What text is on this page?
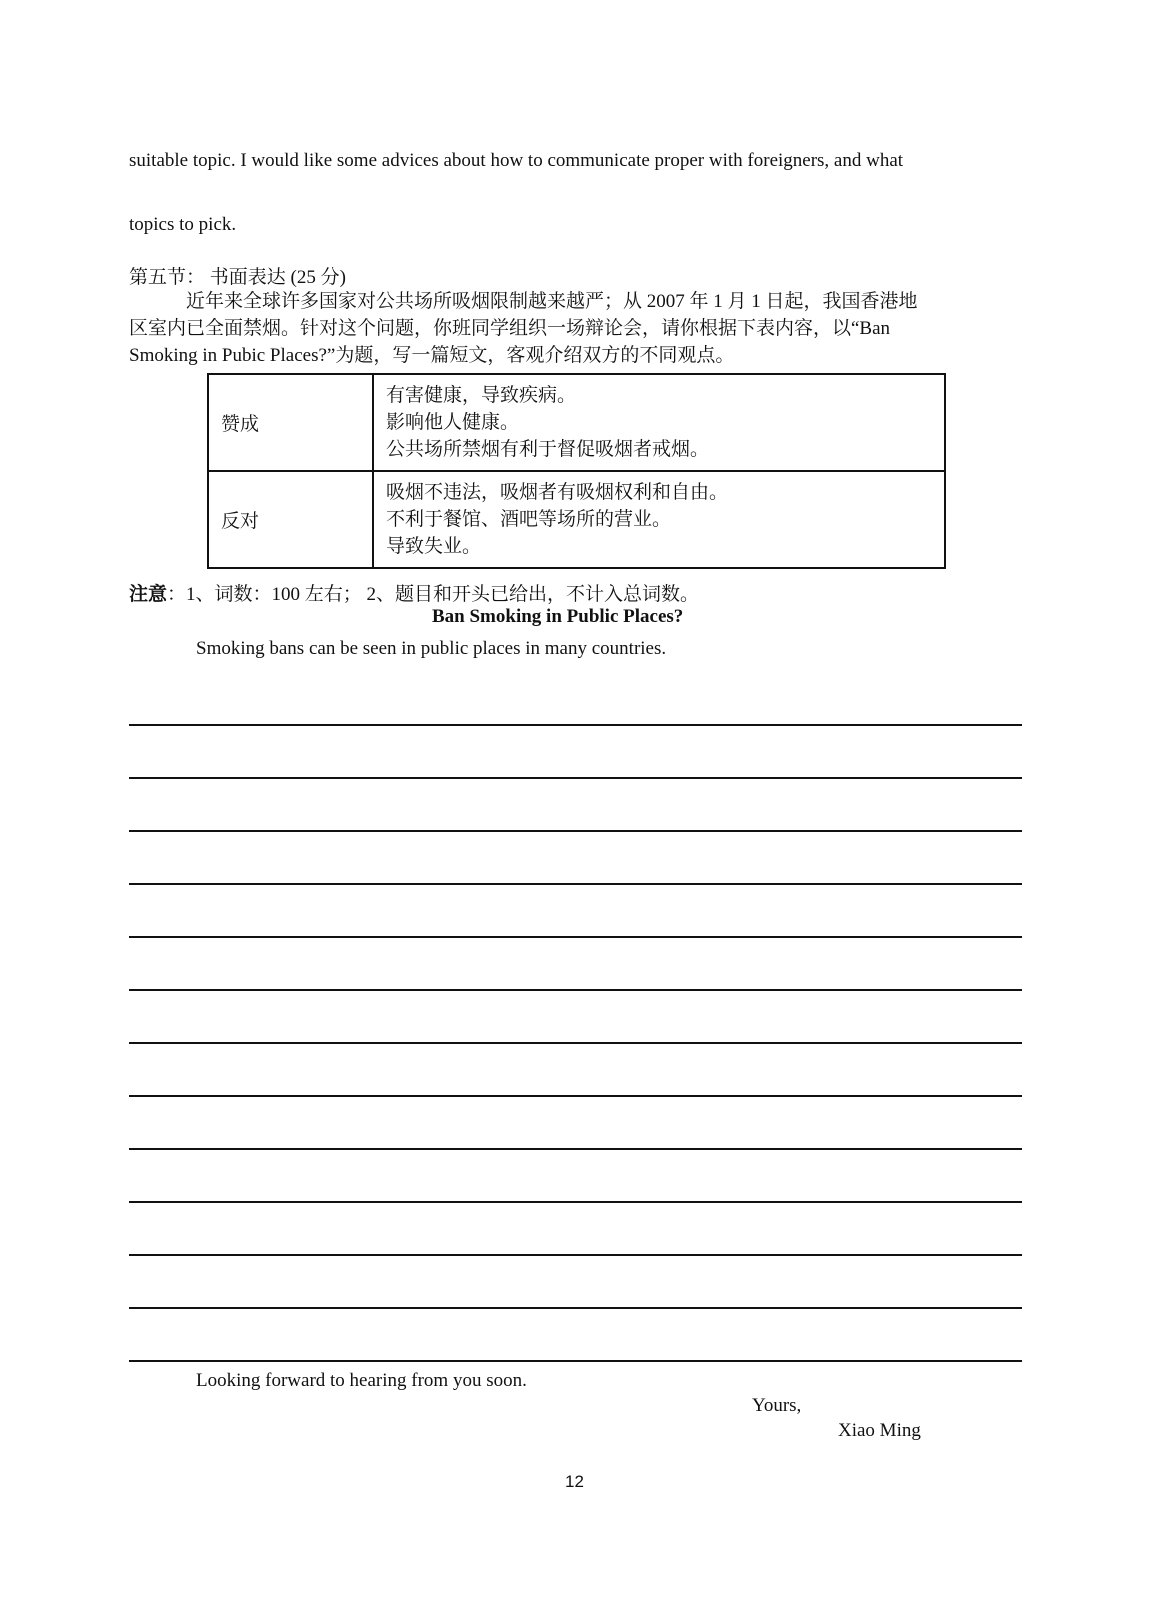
suitable topic. I would like some advices about how to communicate proper with foreigners, and what
topics to pick.
第五节： 书面表达 (25 分)
近年来全球许多国家对公共场所吸烟限制越来越严；从 2007 年 1 月 1 日起，我国香港地
区室内已全面禁烟。针对这个问题，你班同学组织一场辩论会，请你根据下表内容，以“Ban
Smoking in Pubic Places?”为题，写一篇短文，客观介绍双方的不同观点。
赞成	有害健康，导致疾病。
影响他人健康。
公共场所禁烟有利于督促吸烟者戒烟。

反对	吸烟不违法，吸烟者有吸烟权利和自由。
不利于餐馆、酒吧等场所的营业。
导致失业。
注意：1、词数：100 左右； 2、题目和开头已给出，不计入总词数。
Ban Smoking in Public Places?
Smoking bans can be seen in public places in many countries.
Looking forward to hearing from you soon.
Yours,
Xiao Ming
12
